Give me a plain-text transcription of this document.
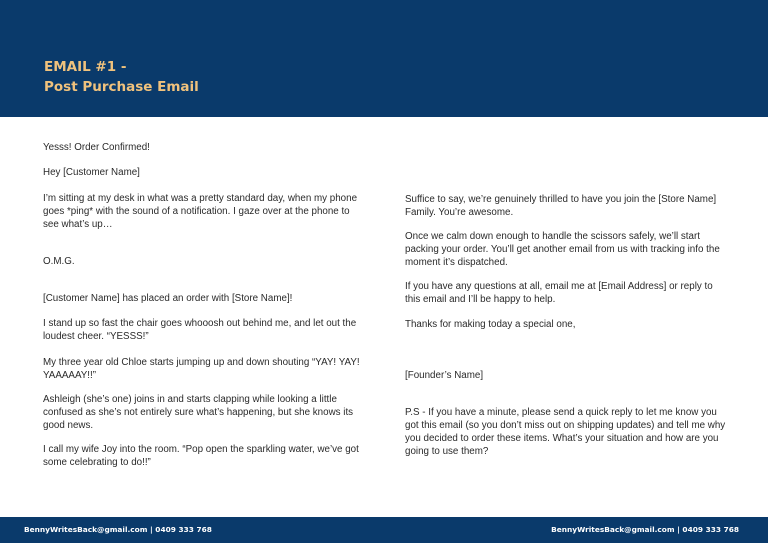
EMAIL #1 -
Post Purchase Email

Yesss! Order Confirmed!

Hey [Customer Name]

I’m sitting at my desk in what was a pretty standard day, when my phone goes *ping* with the sound of a notification. I gaze over at the phone to see what’s up…

O.M.G.

[Customer Name] has placed an order with [Store Name]!

I stand up so fast the chair goes whooosh out behind me, and let out the loudest cheer. “YESSS!”

My three year old Chloe starts jumping up and down shouting “YAY! YAY! YAAAAAY!!”

Ashleigh (she’s one) joins in and starts clapping while looking a little confused as she’s not entirely sure what’s happening, but she knows its good news.

I call my wife Joy into the room. “Pop open the sparkling water, we’ve got some celebrating to do!!”

Suffice to say, we’re genuinely thrilled to have you join the [Store Name] Family. You’re awesome.

Once we calm down enough to handle the scissors safely, we’ll start packing your order. You’ll get another email from us with tracking info the moment it’s dispatched.

If you have any questions at all, email me at [Email Address] or reply to this email and I’ll be happy to help.

Thanks for making today a special one,

[Founder’s Name]

P.S - If you have a minute, please send a quick reply to let me know you got this email (so you don’t miss out on shipping updates) and tell me why you decided to order these items. What’s your situation and how are you going to use them?

BennyWritesBack@gmail.com | 0409 333 768	BennyWritesBack@gmail.com | 0409 333 768
